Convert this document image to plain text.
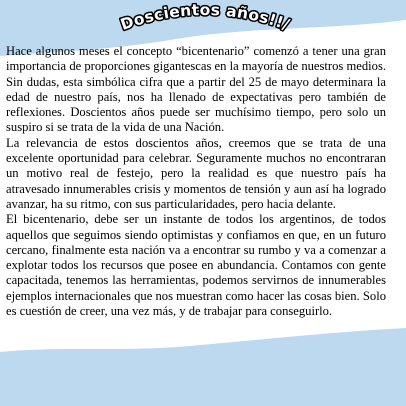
Doscientos años!!/

Hace algunos meses el concepto “bicentenario” comenzó a tener una gran importancia de proporciones gigantescas en la mayoría de nuestros medios. Sin dudas, esta simbólica cifra que a partir del 25 de mayo determinara la edad de nuestro país, nos ha llenado de expectativas pero también de reflexiones. Doscientos años puede ser muchísimo tiempo, pero solo un suspiro si se trata de la vida de una Nación.

La relevancia de estos doscientos años, creemos que se trata de una excelente oportunidad para celebrar. Seguramente muchos no encontraran un motivo real de festejo, pero la realidad es que nuestro país ha atravesado innumerables crisis y momentos de tensión y aun así ha logrado avanzar, ha su ritmo, con sus particularidades, pero hacia delante.

El bicentenario, debe ser un instante de todos los argentinos, de todos aquellos que seguimos siendo optimistas y confiamos en que, en un futuro cercano, finalmente esta nación va a encontrar su rumbo y va a comenzar a explotar todos los recursos que posee en abundancia. Contamos con gente capacitada, tenemos las herramientas, podemos servirnos de innumerables ejemplos internacionales que nos muestran como hacer las cosas bien. Solo es cuestión de creer, una vez más, y de trabajar para conseguirlo.
